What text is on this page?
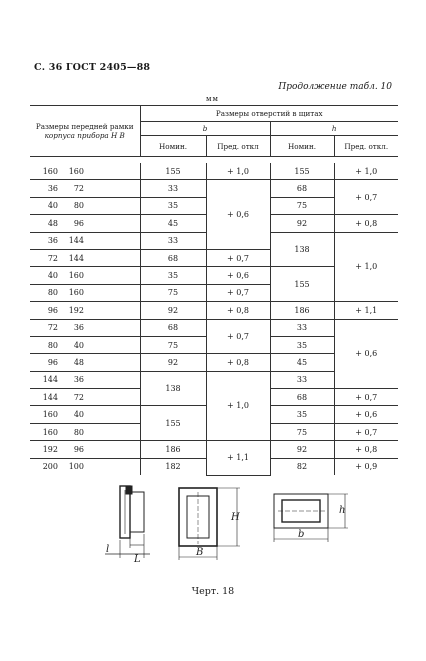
С. 36 ГОСТ 2405—88
Продолжение табл. 10
мм
Размеры передней рамки
корпуса прибора H B	Размеры отверстий в щитах			
	b		h	
	Номин.	Пред. откл	Номин.	Пред. откл.

160 160	155	+ 1,0	155	+ 1,0
36 72	33	+ 0,6	68	+ 0,7
40 80	35		75	
48 96	45		92	+ 0,8
36 144	33		138	+ 1,0
72 144	68	+ 0,7		
40 160	35	+ 0,6	155	
80 160	75	+ 0,7		
96 192	92	+ 0,8	186	+ 1,1
72 36	68	+ 0,7	33	+ 0,6
80 40	75		35	
96 48	92	+ 0,8	45	
144 36	138	+ 1,0	33	
144 72			68	+ 0,7
160 40	155		35	+ 0,6
160 80			75	+ 0,7
192 96	186	+ 1,1	92	+ 0,8
200 100	182		82	+ 0,9
l
L
B
H
b
h
Черт. 18
